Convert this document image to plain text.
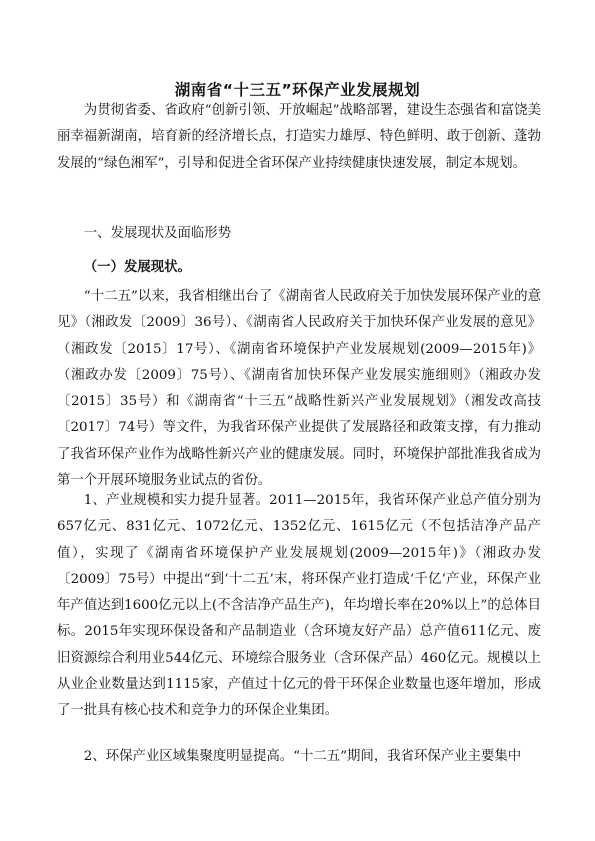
湖南省“十三五”环保产业发展规划

为贯彻省委、省政府“创新引领、开放崛起”战略部署，建设生态强省和富饶美丽幸福新湖南，培育新的经济增长点，打造实力雄厚、特色鲜明、敢于创新、蓬勃发展的“绿色湘军”，引导和促进全省环保产业持续健康快速发展，制定本规划。

一、发展现状及面临形势

（一）发展现状。

“十二五”以来，我省相继出台了《湖南省人民政府关于加快发展环保产业的意见》（湘政发〔2009〕36号）、《湖南省人民政府关于加快环保产业发展的意见》（湘政发〔2015〕17号）、《湖南省环境保护产业发展规划(2009—2015年)》（湘政办发〔2009〕75号）、《湖南省加快环保产业发展实施细则》（湘政办发〔2015〕35号）和《湖南省“十三五”战略性新兴产业发展规划》（湘发改高技〔2017〕74号）等文件，为我省环保产业提供了发展路径和政策支撑，有力推动了我省环保产业作为战略性新兴产业的健康发展。同时，环境保护部批准我省成为第一个开展环境服务业试点的省份。

1、产业规模和实力提升显著。2011—2015年，我省环保产业总产值分别为657亿元、831亿元、1072亿元、1352亿元、1615亿元（不包括洁净产品产值），实现了《湖南省环境保护产业发展规划(2009—2015年)》（湘政办发〔2009〕75号）中提出“到‘十二五’末，将环保产业打造成‘千亿’产业，环保产业年产值达到1600亿元以上(不含洁净产品生产)，年均增长率在20%以上”的总体目标。2015年实现环保设备和产品制造业（含环境友好产品）总产值611亿元、废旧资源综合利用业544亿元、环境综合服务业（含环保产品）460亿元。规模以上从业企业数量达到1115家，产值过十亿元的骨干环保企业数量也逐年增加，形成了一批具有核心技术和竞争力的环保企业集团。

2、环保产业区域集聚度明显提高。“十二五”期间，我省环保产业主要集中
